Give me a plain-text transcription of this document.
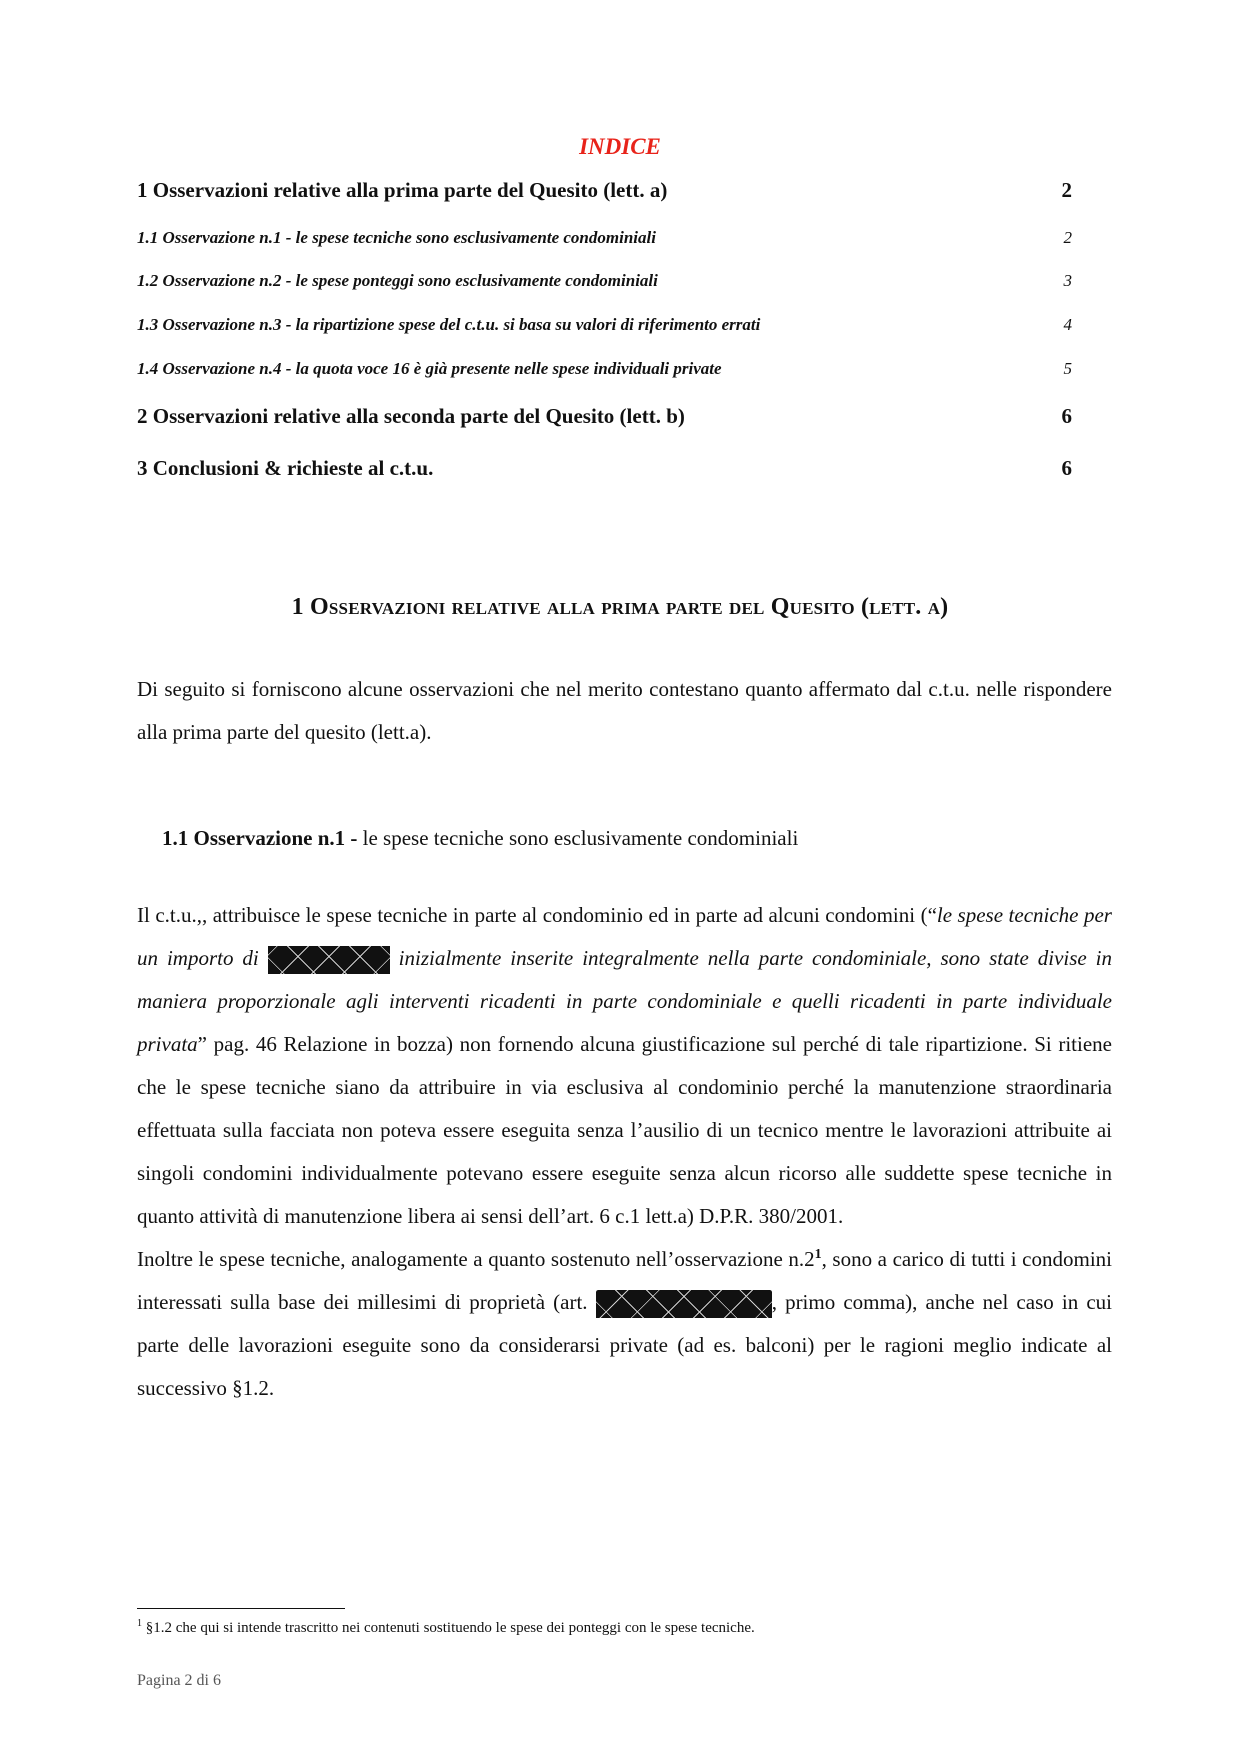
INDICE
1 Osservazioni relative alla prima parte del Quesito (lett. a)	2
1.1 Osservazione n.1 - le spese tecniche sono esclusivamente condominiali	2
1.2 Osservazione n.2 - le spese ponteggi sono esclusivamente condominiali	3
1.3 Osservazione n.3 - la ripartizione spese del c.t.u. si basa su valori di riferimento errati	4
1.4 Osservazione n.4 - la quota voce 16 è già presente nelle spese individuali private	5
2 Osservazioni relative alla seconda parte del Quesito (lett. b)	6
3 Conclusioni & richieste al c.t.u.	6
1 Osservazioni relative alla prima parte del Quesito (lett. a)

Di seguito si forniscono alcune osservazioni che nel merito contestano quanto affermato dal c.t.u. nelle rispondere alla prima parte del quesito (lett.a).

1.1 Osservazione n.1 - le spese tecniche sono esclusivamente condominiali

Il c.t.u.,, attribuisce le spese tecniche in parte al condominio ed in parte ad alcuni condomini (“le spese tecniche per un importo di	inizialmente inserite integralmente nella parte condominiale, sono state divise in maniera proporzionale agli interventi ricadenti in parte condominiale e quelli ricadenti in parte individuale privata” pag. 46 Relazione in bozza) non fornendo alcuna giustificazione sul perché di tale ripartizione. Si ritiene che le spese tecniche siano da attribuire in via esclusiva al condominio perché la manutenzione straordinaria effettuata sulla facciata non poteva essere eseguita senza l’ausilio di un tecnico mentre le lavorazioni attribuite ai singoli condomini individualmente potevano essere eseguite senza alcun ricorso alle suddette spese tecniche in quanto attività di manutenzione libera ai sensi dell’art. 6 c.1 lett.a) D.P.R. 380/2001.
Inoltre le spese tecniche, analogamente a quanto sostenuto nell’osservazione n.2$^1$, sono a carico di tutti i condomini interessati sulla base dei millesimi di proprietà (art.	, primo comma), anche nel caso in cui parte delle lavorazioni eseguite sono da considerarsi private (ad es. balconi) per le ragioni meglio indicate al successivo §1.2.

$^1$ §1.2 che qui si intende trascritto nei contenuti sostituendo le spese dei ponteggi con le spese tecniche.
Pagina 2 di 6
